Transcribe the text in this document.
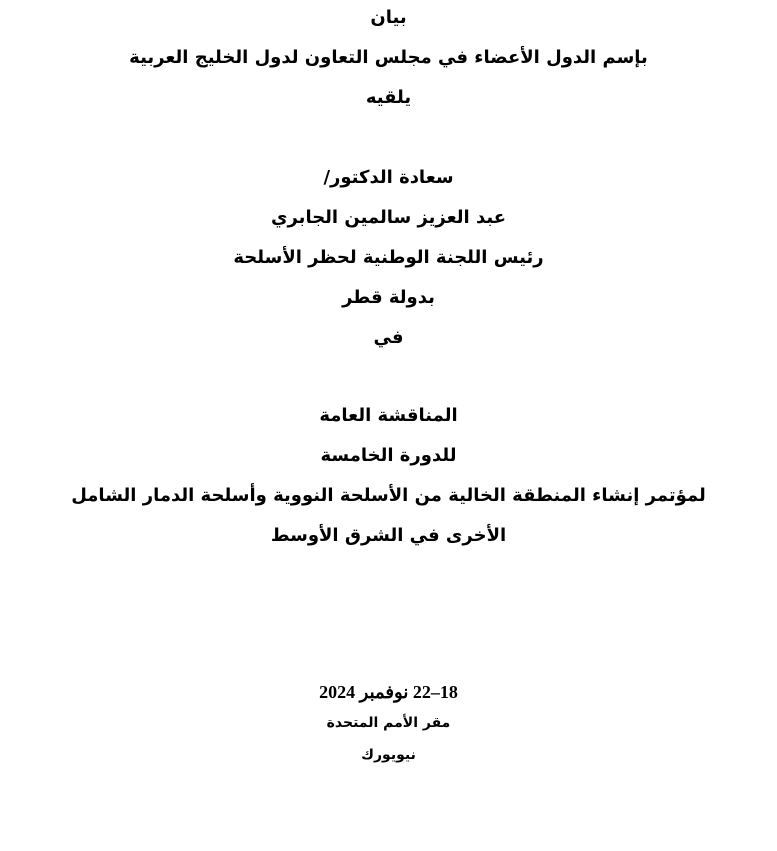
بيان
بإسم الدول الأعضاء في مجلس التعاون لدول الخليج العربية
يلقيه
سعادة الدكتور/
عبد العزيز سالمين الجابري
رئيس اللجنة الوطنية لحظر الأسلحة
بدولة قطر
في
المناقشة العامة
للدورة الخامسة
لمؤتمر إنشاء المنطقة الخالية من الأسلحة النووية وأسلحة الدمار الشامل
الأخرى في الشرق الأوسط
18–22 نوفمبر 2024
مقر الأمم المتحدة
نيويورك
